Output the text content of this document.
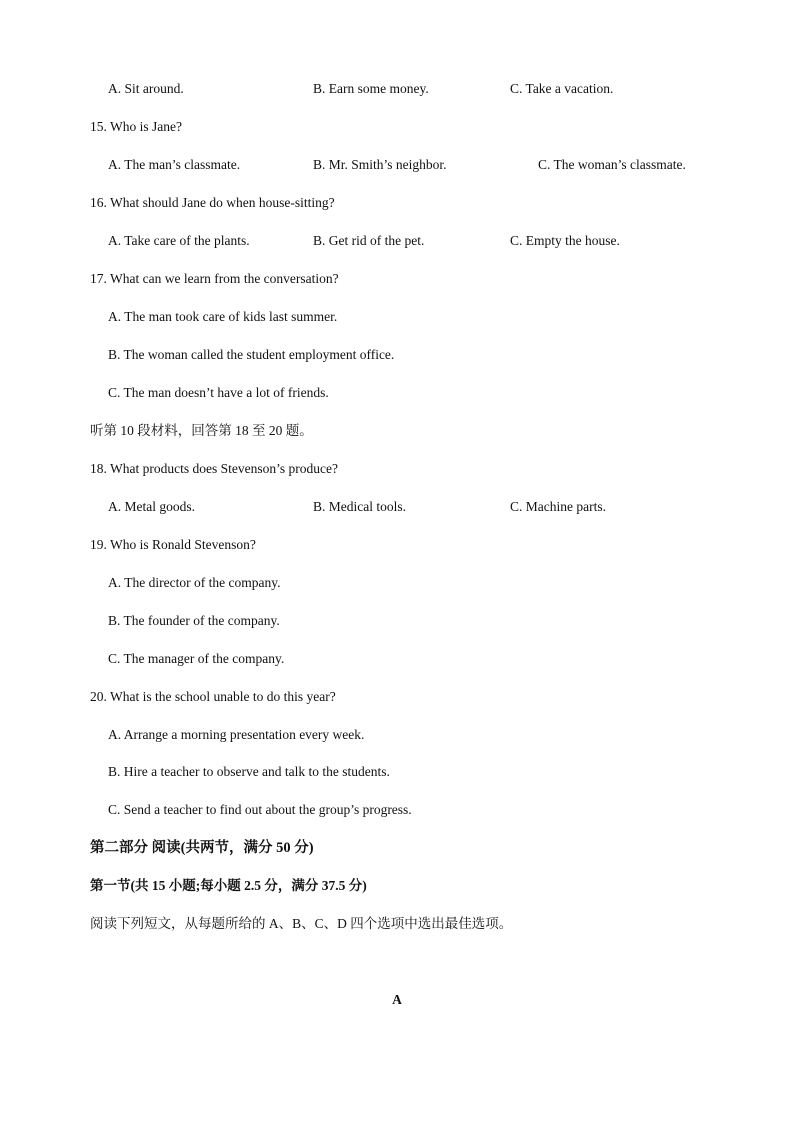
A. Sit around.	B. Earn some money.	C. Take a vacation.
15. Who is Jane?
A. The man’s classmate.	B. Mr. Smith’s neighbor.	C. The woman’s classmate.
16. What should Jane do when house-sitting?
A. Take care of the plants.	B. Get rid of the pet.	C. Empty the house.
17. What can we learn from the conversation?
A. The man took care of kids last summer.
B. The woman called the student employment office.
C. The man doesn’t have a lot of friends.
听第 10 段材料，回答第 18 至 20 题。
18. What products does Stevenson’s produce?
A. Metal goods.	B. Medical tools.	C. Machine parts.
19. Who is Ronald Stevenson?
A. The director of the company.
B. The founder of the company.
C. The manager of the company.
20. What is the school unable to do this year?
A. Arrange a morning presentation every week.
B. Hire a teacher to observe and talk to the students.
C. Send a teacher to find out about the group’s progress.
第二部分 阅读(共两节，满分 50 分)
第一节(共 15 小题;每小题 2.5 分，满分 37.5 分)
阅读下列短文，从每题所给的 A、B、C、D 四个选项中选出最佳选项。
A
